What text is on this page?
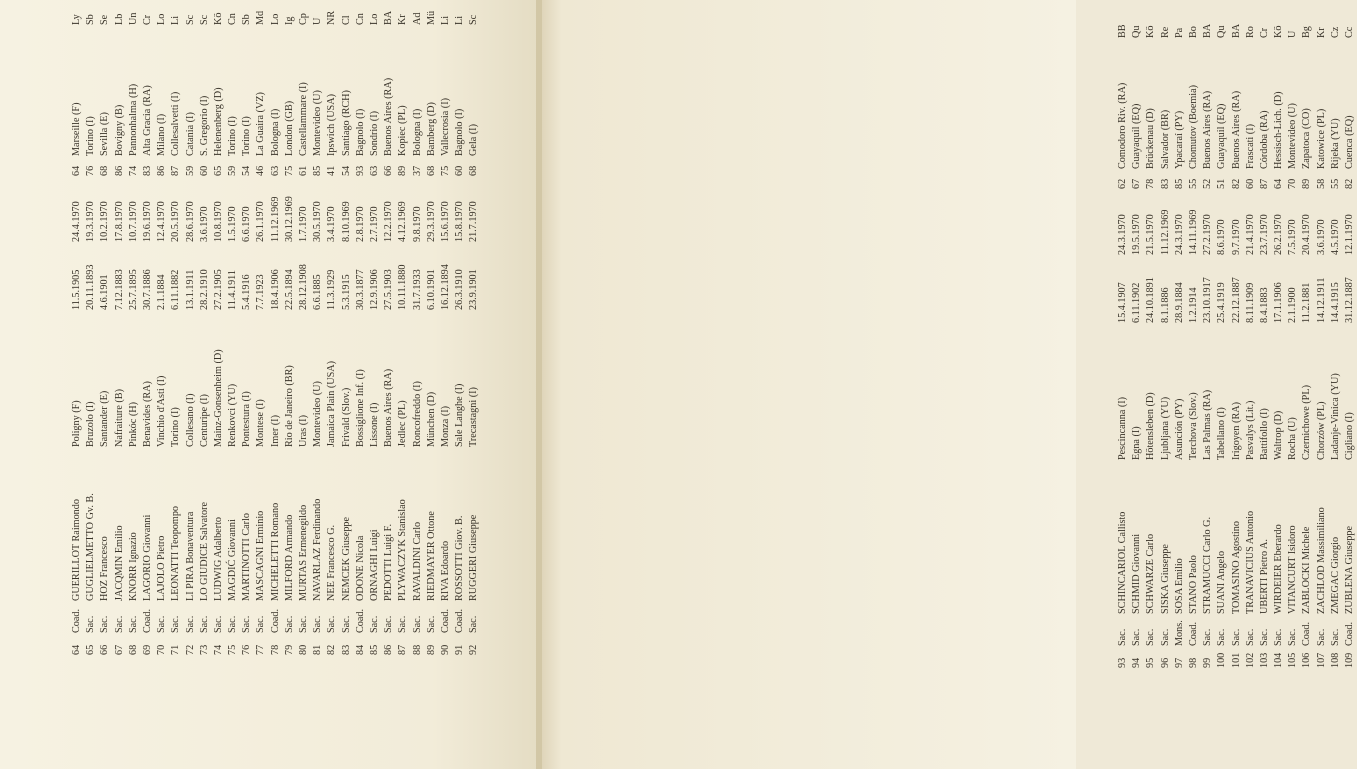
64
Coad.
GUERILLOT Raimondo
Poligny (F)
11.5.1905
24.4.1970
64
Marseille (F)
Ly
65
Sac.
GUGLIELMETTO Gv. B.
Bruzolo (I)
20.11.1893
19.3.1970
76
Torino (I)
Sb
66
Sac.
HOZ Francesco
Santander (E)
4.6.1901
10.2.1970
68
Sevilla (E)
Se
67
Sac.
JACQMIN Emilio
Nafraiture (B)
7.12.1883
17.8.1970
86
Bovigny (B)
Lb
68
Sac.
KNORR Ignazio
Pinkóc (H)
25.7.1895
10.7.1970
74
Pannonhalma (H)
Un
69
Coad.
LAGORIO Giovanni
Benavides (RA)
30.7.1886
19.6.1970
83
Alta Gracia (RA)
Cr
70
Sac.
LAJOLO Pietro
Vinchio d'Asti (I)
2.1.1884
12.4.1970
86
Milano (I)
Lo
71
Sac.
LEONATTI Teopompo
Torino (I)
6.11.1882
20.5.1970
87
Collesalvetti (I)
Li
72
Sac.
LI PIRA Bonaventura
Collesano (I)
13.1.1911
28.6.1970
59
Catania (I)
Sc
73
Sac.
LO GIUDICE Salvatore
Centuripe (I)
28.2.1910
3.6.1970
60
S. Gregorio (I)
Sc
74
Sac.
LUDWIG Adalberto
Mainz-Gonsenheim (D)
27.2.1905
10.8.1970
65
Helenenberg (D)
Kö
75
Sac.
MAGDIĆ Giovanni
Renkovci (YU)
11.4.1911
1.5.1970
59
Torino (I)
Cn
76
Sac.
MARTINOTTI Carlo
Pontestura (I)
5.4.1916
6.6.1970
54
Torino (I)
Sb
77
Sac.
MASCAGNI Erminio
Montese (I)
7.7.1923
26.1.1970
46
La Guaira (VZ)
Md
78
Coad.
MICHELETTI Romano
Imer (I)
18.4.1906
11.12.1969
63
Bologna (I)
Lo
79
Sac.
MILFORD Armando
Rio de Janeiro (BR)
22.5.1894
30.12.1969
75
London (GB)
Ig
80
Sac.
MURTAS Ermenegildo
Uras (I)
28.12.1908
1.7.1970
61
Castellammare (I)
Cp
81
Sac.
NAVARLAZ Ferdinando
Montevideo (U)
6.6.1885
30.5.1970
85
Montevideo (U)
U
82
Sac.
NEE Francesco G.
Jamaica Plain (USA)
11.3.1929
3.4.1970
41
Ipswich (USA)
NR
83
Sac.
NEMCEK Giuseppe
Frivald (Slov.)
5.3.1915
8.10.1969
54
Santiago (RCH)
Cl
84
Coad.
ODONE Nicola
Bossiglione Inf. (I)
30.3.1877
2.8.1970
93
Bagnolo (I)
Cn
85
Sac.
ORNAGHI Luigi
Lissone (I)
12.9.1906
2.7.1970
63
Sondrio (I)
Lo
86
Sac.
PEDOTTI Luigi F.
Buenos Aires (RA)
27.5.1903
12.2.1970
66
Buenos Aires (RA)
BA
87
Sac.
PLYWACZYK Stanislao
Jedlec (PL)
10.11.1880
4.12.1969
89
Kopiec (PL)
Kr
88
Sac.
RAVALDINI Carlo
Roncofreddo (I)
31.7.1933
9.8.1970
37
Bologna (I)
Ad
89
Sac.
RIEDMAYER Ottone
München (D)
6.10.1901
29.3.1970
68
Bamberg (D)
Mü
90
Coad.
RIVA Edoardo
Monza (I)
16.12.1894
15.6.1970
75
Vallecrosia (I)
Li
91
Coad.
ROSSOTTI Giov. B.
Sale Langhe (I)
26.3.1910
15.8.1970
60
Bagnolo (I)
Li
92
Sac.
RUGGERI Giuseppe
Trecastagni (I)
23.9.1901
21.7.1970
68
Gela (I)
Sc
93
Sac.
SCHINCARIOL Callisto
Pescincanna (I)
15.4.1907
24.3.1970
62
Comodoro Riv. (RA)
BB
94
Sac.
SCHMID Giovanni
Egna (I)
6.11.1902
19.5.1970
67
Guayaquil (EQ)
Qu
95
Sac.
SCHWARZE Carlo
Hötensleben (D)
24.10.1891
21.5.1970
78
Brückenau (D)
Kö
96
Sac.
SISKA Giuseppe
Ljubljana (YU)
8.1.1886
11.12.1969
83
Salvador (BR)
Re
97
Mons.
SOSA Emilio
Asunción (PY)
28.9.1884
24.3.1970
85
Ypacaraí (PY)
Pa
98
Coad.
STANO Paolo
Terchova (Slov.)
1.2.1914
14.11.1969
55
Chomutov (Boemia)
Bo
99
Sac.
STRAMUCCI Carlo G.
Las Palmas (RA)
23.10.1917
27.2.1970
52
Buenos Aires (RA)
BA
100
Sac.
SUANI Angelo
Tabellano (I)
25.4.1919
8.6.1970
51
Guayaquil (EQ)
Qu
101
Sac.
TOMASINO Agostino
Irigoyen (RA)
22.12.1887
9.7.1970
82
Buenos Aires (RA)
BA
102
Sac.
TRANAVICIUS Antonio
Pasvalys (Lit.)
8.11.1909
21.4.1970
60
Frascati (I)
Ro
103
Sac.
UBERTI Pietro A.
Battifollo (I)
8.4.1883
23.7.1970
87
Córdoba (RA)
Cr
104
Sac.
WIRDEIER Eberardo
Waltrop (D)
17.1.1906
26.2.1970
64
Hessisch-Lich. (D)
Kö
105
Sac.
VITANCURT Isidoro
Rocha (U)
2.1.1900
7.5.1970
70
Montevideo (U)
U
106
Coad.
ZABLOCKI Michele
Czernichowe (PL)
11.2.1881
20.4.1970
89
Zapatoca (CO)
Bg
107
Sac.
ZACHLOD Massimiliano
Chorzów (PL)
14.12.1911
3.6.1970
58
Katowice (PL)
Kr
108
Sac.
ZMEGAC Giorgio
Ladanje-Vinica (YU)
14.4.1915
4.5.1970
55
Rijeka (YU)
Cz
109
Coad.
ZUBLENA Giuseppe
Cigliano (I)
31.12.1887
12.1.1970
82
Cuenca (EQ)
Cc
